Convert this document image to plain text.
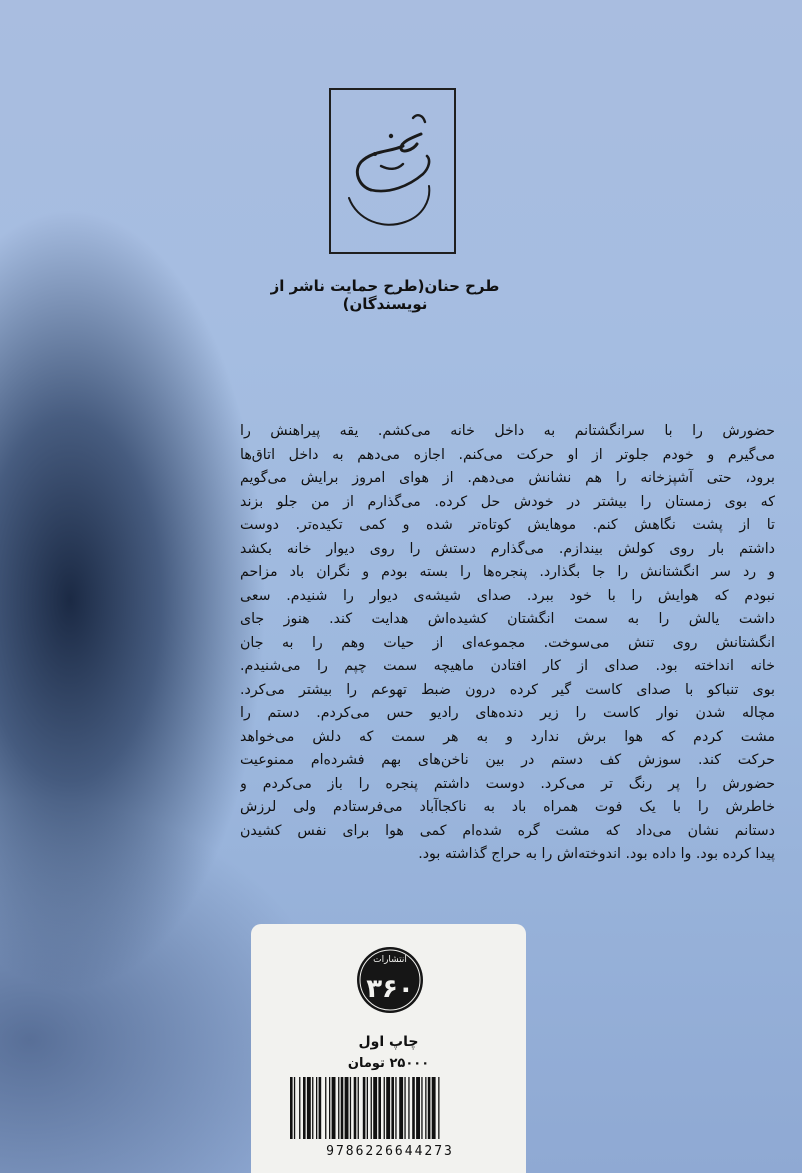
طرح حنان(طرح حمایت ناشر از نویسندگان)
حضورش را با سرانگشتانم به داخل خانه می‌کشم. یقه پیراهنش را
می‌گیرم و خودم جلوتر از او حرکت می‌کنم. اجازه می‌دهم به داخل اتاق‌ها
برود، حتی آشپزخانه را هم نشانش می‌دهم. از هوای امروز برایش می‌گویم
که بوی زمستان را بیشتر در خودش حل کرده. می‌گذارم از من جلو بزند
تا از پشت نگاهش کنم. موهایش کوتاه‌تر شده و کمی تکیده‌تر. دوست
داشتم بار روی کولش بیندازم. می‌گذارم دستش را روی دیوار خانه بکشد
و رد سر انگشتانش را جا بگذارد. پنجره‌ها را بسته بودم و نگران باد مزاحم
نبودم که هوایش را با خود ببرد. صدای شیشه‌ی دیوار را شنیدم. سعی
داشت یالش را به سمت انگشتان کشیده‌اش هدایت کند. هنوز جای
انگشتانش روی تنش می‌سوخت. مجموعه‌ای از حیات وهم را به جان
خانه انداخته بود. صدای از کار افتادن ماهیچه سمت چپم را می‌شنیدم.
بوی تنباکو با صدای کاست گیر کرده درون ضبط تهوعم را بیشتر می‌کرد.
مچاله شدن نوار کاست را زیر دنده‌های رادیو حس می‌کردم. دستم را
مشت کردم که هوا برش ندارد و به هر سمت که دلش می‌خواهد
حرکت کند. سوزش کف دستم در بین ناخن‌های بهم فشرده‌ام ممنوعیت
حضورش را پر رنگ تر می‌کرد. دوست داشتم پنجره را باز می‌کردم و
خاطرش را با یک فوت همراه باد به ناکجاآباد می‌فرستادم ولی لرزش
دستانم نشان می‌داد که مشت گره شده‌ام کمی هوا برای نفس کشیدن
پیدا کرده بود. وا داده بود. اندوخته‌اش را به حراج گذاشته بود.
انتشارات
۳۶۰
چاپ اول
۲۵۰۰۰ تومان
9786226644273
